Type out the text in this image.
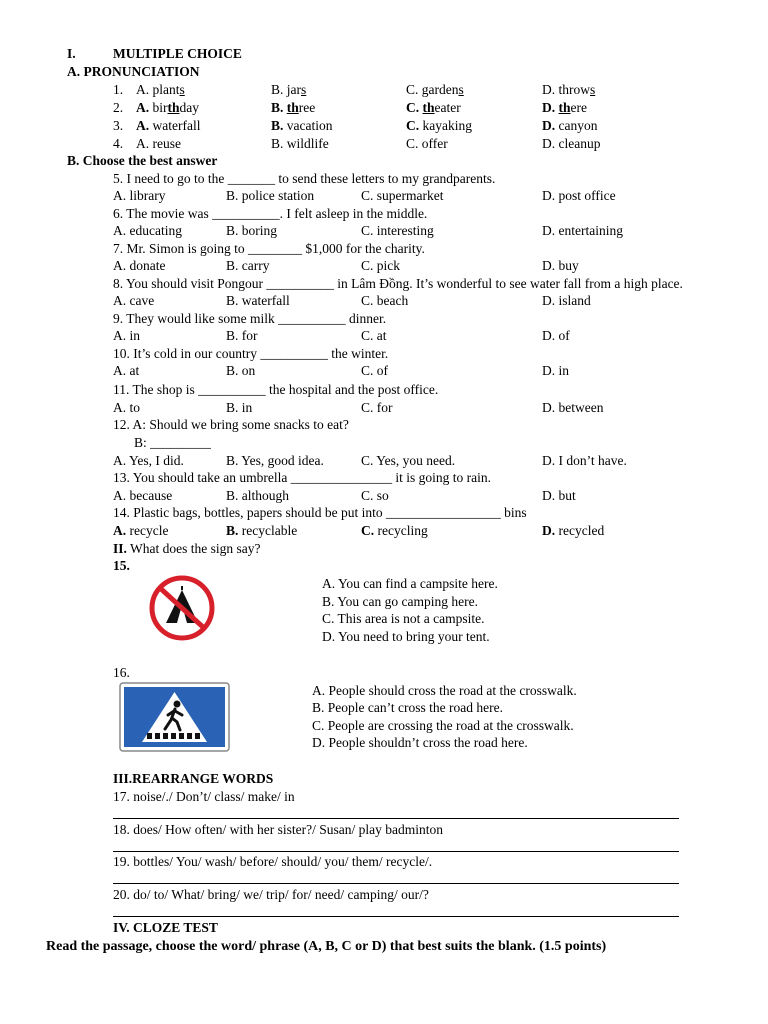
I.	MULTIPLE CHOICE
A. PRONUNCIATION
1. A. plants	B. jars	C. gardens	D. throws
2. A. birthday	B. three	C. theater	D. there
3. A. waterfall	B. vacation	C. kayaking	D. canyon
4. A. reuse	B. wildlife	C. offer	D. cleanup
B. Choose the best answer
5. I need to go to the _______ to send these letters to my grandparents.
A. library	B. police station	C. supermarket	D. post office
6. The movie was __________. I felt asleep in the middle.
A. educating	B. boring	C. interesting	D. entertaining
7. Mr. Simon is going to ________ $1,000 for the charity.
A. donate	B. carry	C. pick	D. buy
8. You should visit Pongour __________ in Lâm Đồng. It’s wonderful to see water fall from a high place.
A. cave	B. waterfall	C. beach	D. island
9. They would like some milk __________ dinner.
A. in	B. for	C. at	D. of
10. It’s cold in our country __________ the winter.
A. at	B. on	C. of	D. in
11. The shop is __________ the hospital and the post office.
A. to	B. in	C. for	D. between
12. A: Should we bring some snacks to eat?
B: _________
A. Yes, I did.	B. Yes, good idea.	C. Yes, you need.	D. I don’t have.
13. You should take an umbrella _______________ it is going to rain.
A. because	B. although	C. so	D. but
14. Plastic bags, bottles, papers should be put into _________________ bins
A. recycle	B. recyclable	C. recycling	D. recycled
II. What does the sign say?
15.
A. You can find a campsite here.
B. You can go camping here.
C. This area is not a campsite.
D. You need to bring your tent.
16.
A. People should cross the road at the crosswalk.
B. People can’t cross the road here.
C. People are crossing the road at the crosswalk.
D. People shouldn’t cross the road here.
III.REARRANGE WORDS
17. noise/./ Don’t/ class/ make/ in
18. does/ How often/ with her sister?/ Susan/ play badminton
19. bottles/ You/ wash/ before/ should/ you/ them/ recycle/.
20. do/ to/ What/ bring/ we/ trip/ for/ need/ camping/ our/?
IV. CLOZE TEST
Read the passage, choose the word/ phrase (A, B, C or D) that best suits the blank. (1.5 points)
